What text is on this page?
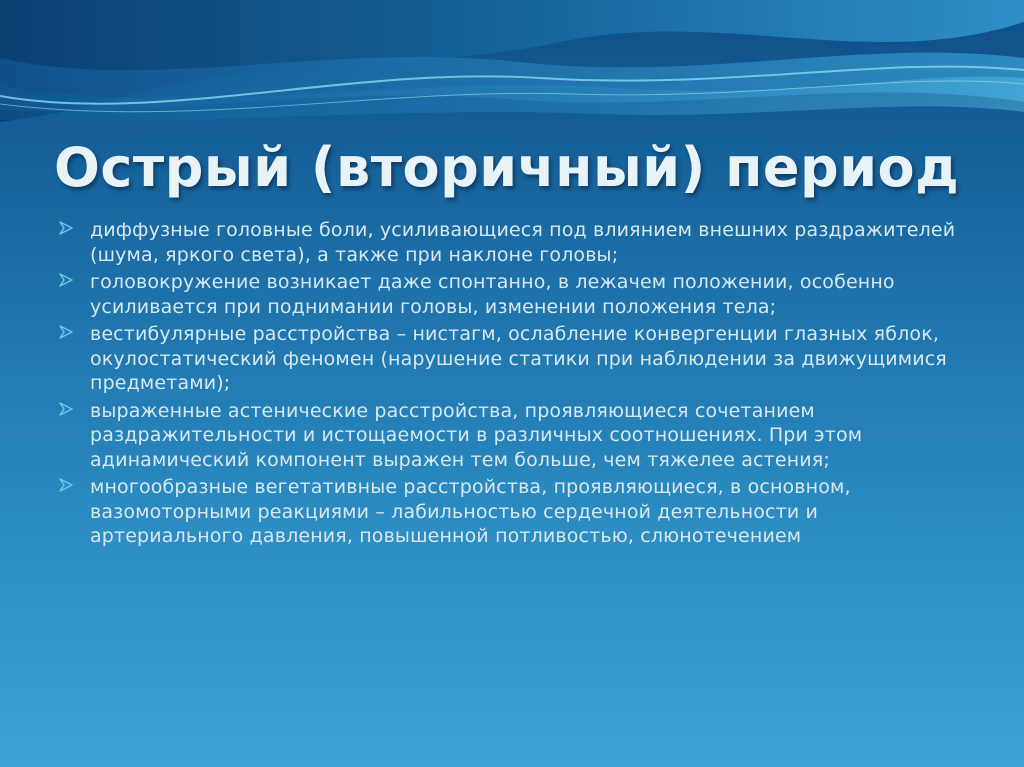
Острый (вторичный) период
диффузные головные боли, усиливающиеся под влиянием внешних раздражителей (шума, яркого света), а также при наклоне головы;
головокружение возникает даже спонтанно, в лежачем положении, особенно усиливается при поднимании головы, изменении положения тела;
вестибулярные расстройства – нистагм, ослабление конвергенции глазных яблок, окулостатический феномен (нарушение статики при наблюдении за движущимися предметами);
выраженные астенические расстройства, проявляющиеся сочетанием раздражительности и истощаемости в различных соотношениях. При этом адинамический компонент выражен тем больше, чем тяжелее астения;
многообразные вегетативные расстройства, проявляющиеся, в основном, вазомоторными реакциями – лабильностью сердечной деятельности и артериального давления, повышенной потливостью, слюнотечением
